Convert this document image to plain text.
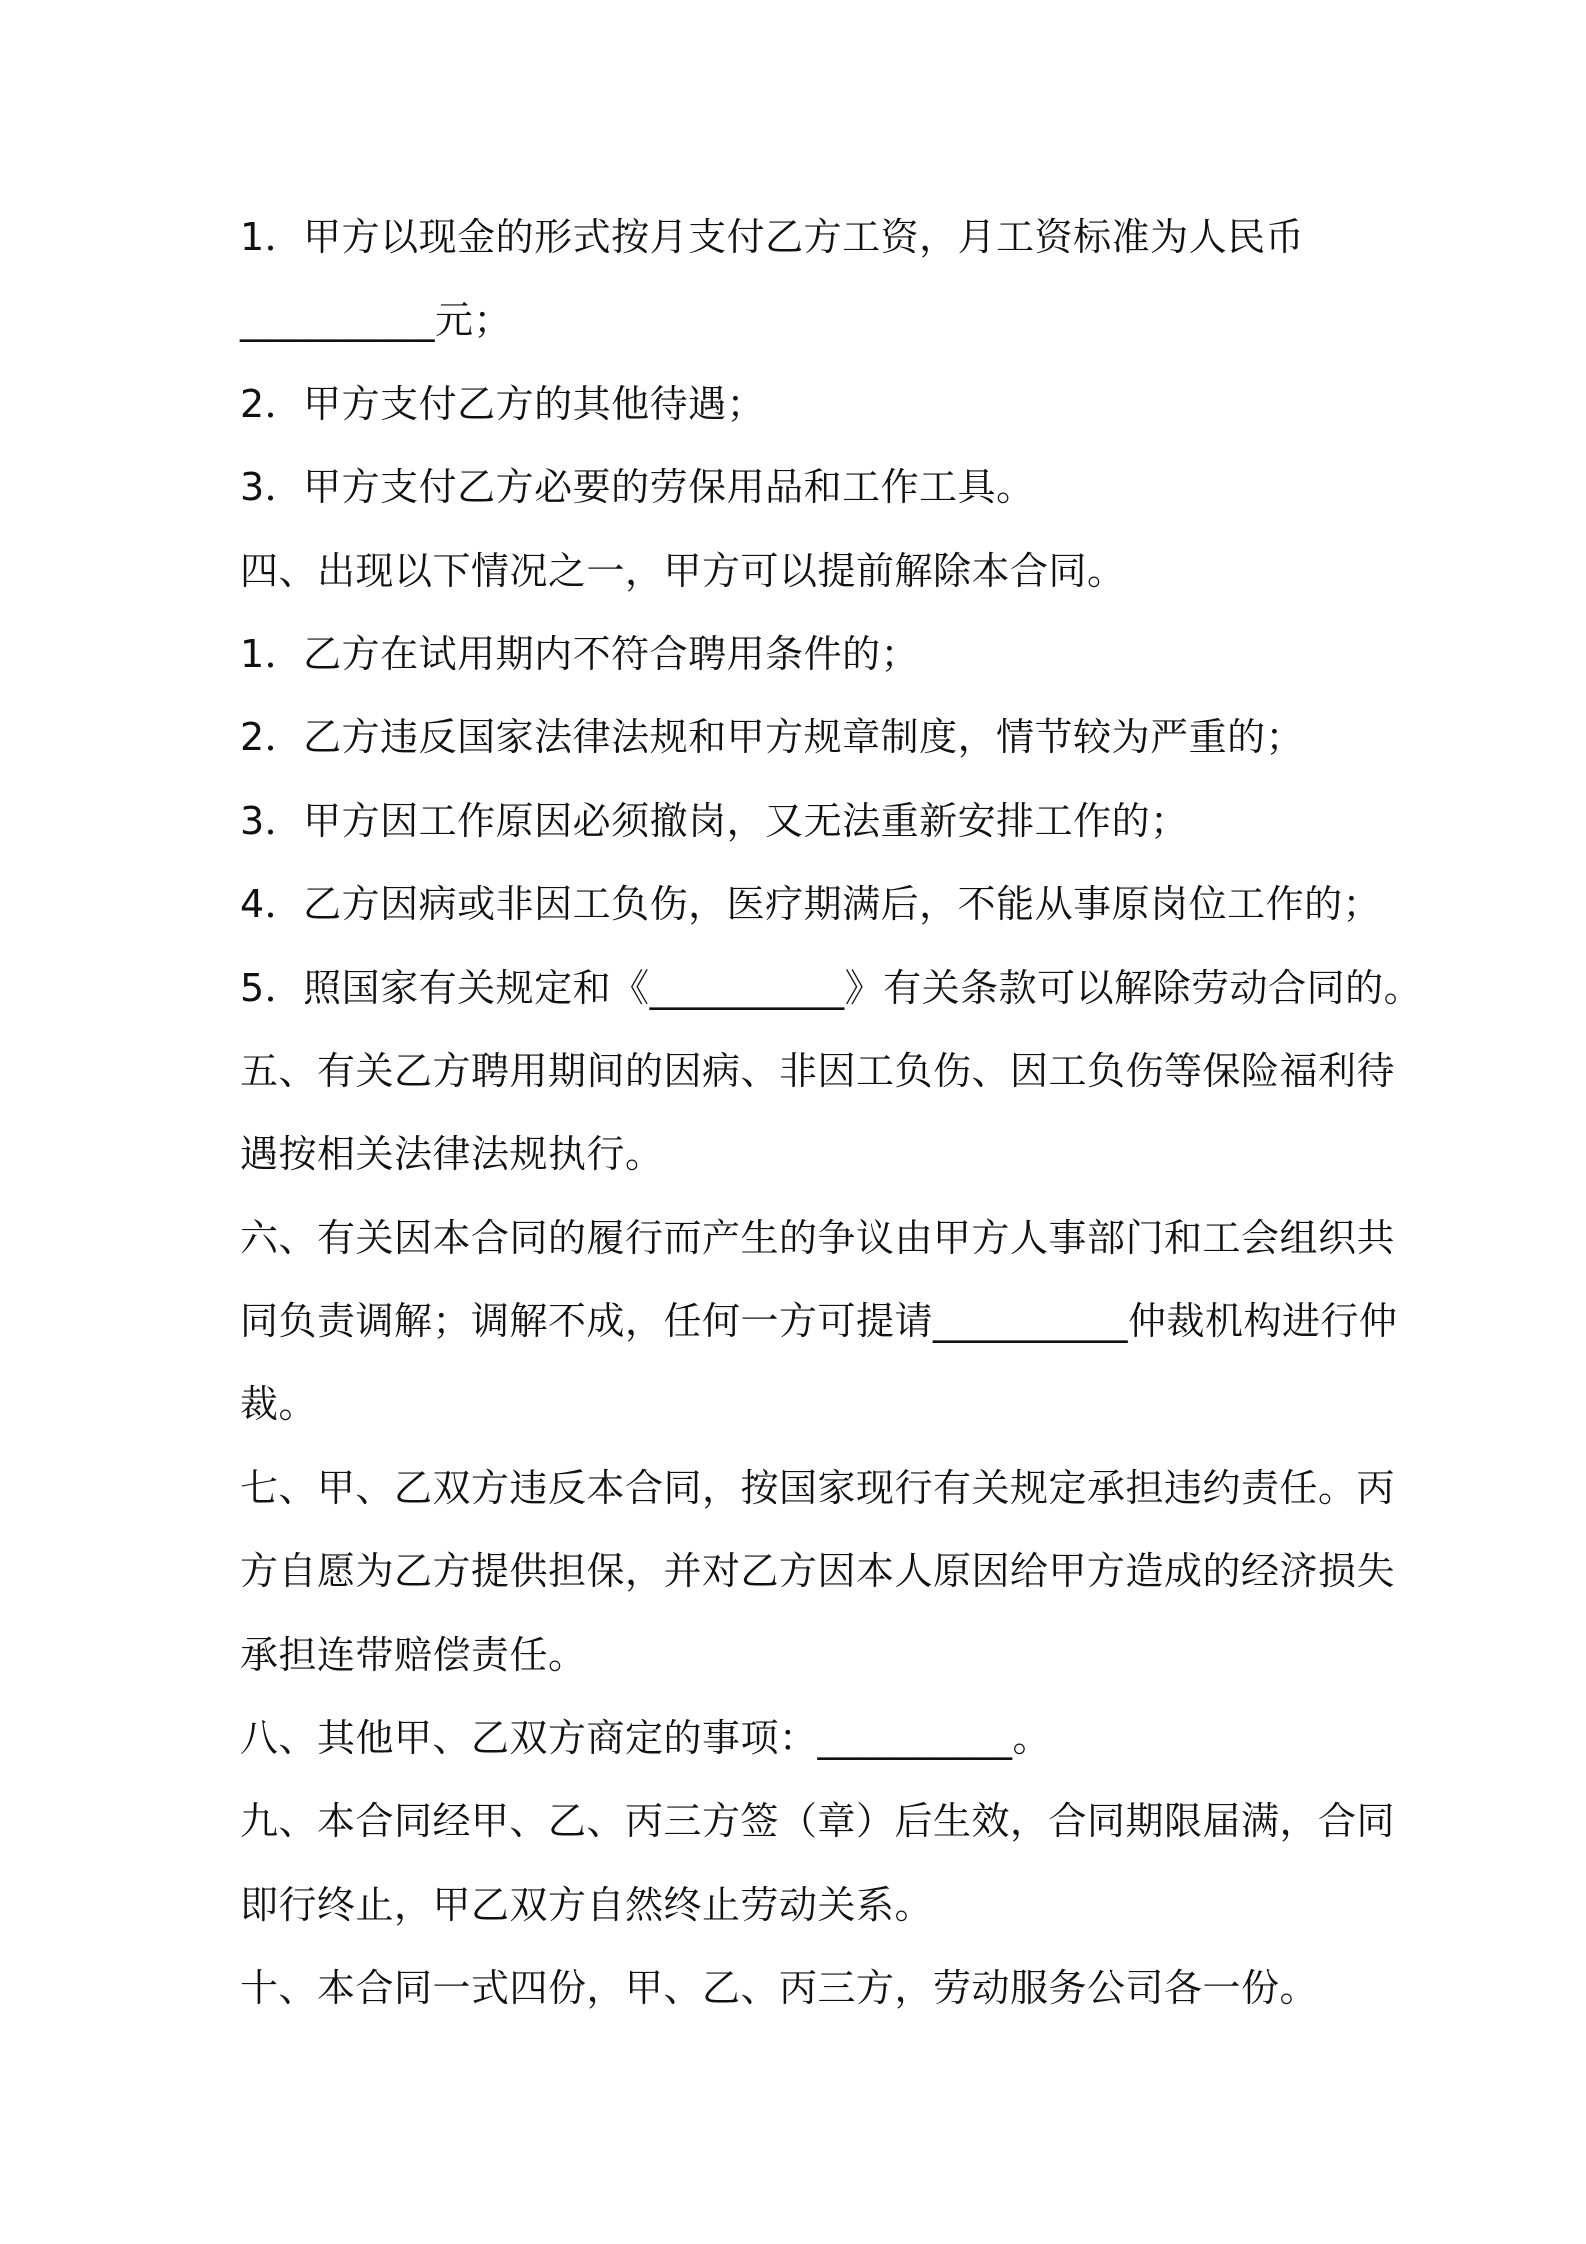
1．甲方以现金的形式按月支付乙方工资，月工资标准为人民币
__________元；
2．甲方支付乙方的其他待遇；
3．甲方支付乙方必要的劳保用品和工作工具。
四、出现以下情况之一，甲方可以提前解除本合同。
1．乙方在试用期内不符合聘用条件的；
2．乙方违反国家法律法规和甲方规章制度，情节较为严重的；
3．甲方因工作原因必须撤岗，又无法重新安排工作的；
4．乙方因病或非因工负伤，医疗期满后，不能从事原岗位工作的；
5．照国家有关规定和《__________》有关条款可以解除劳动合同的。
五、有关乙方聘用期间的因病、非因工负伤、因工负伤等保险福利待
遇按相关法律法规执行。
六、有关因本合同的履行而产生的争议由甲方人事部门和工会组织共
同负责调解；调解不成，任何一方可提请__________仲裁机构进行仲
裁。
七、甲、乙双方违反本合同，按国家现行有关规定承担违约责任。丙
方自愿为乙方提供担保，并对乙方因本人原因给甲方造成的经济损失
承担连带赔偿责任。
八、其他甲、乙双方商定的事项：__________。
九、本合同经甲、乙、丙三方签（章）后生效，合同期限届满，合同
即行终止，甲乙双方自然终止劳动关系。
十、本合同一式四份，甲、乙、丙三方，劳动服务公司各一份。
